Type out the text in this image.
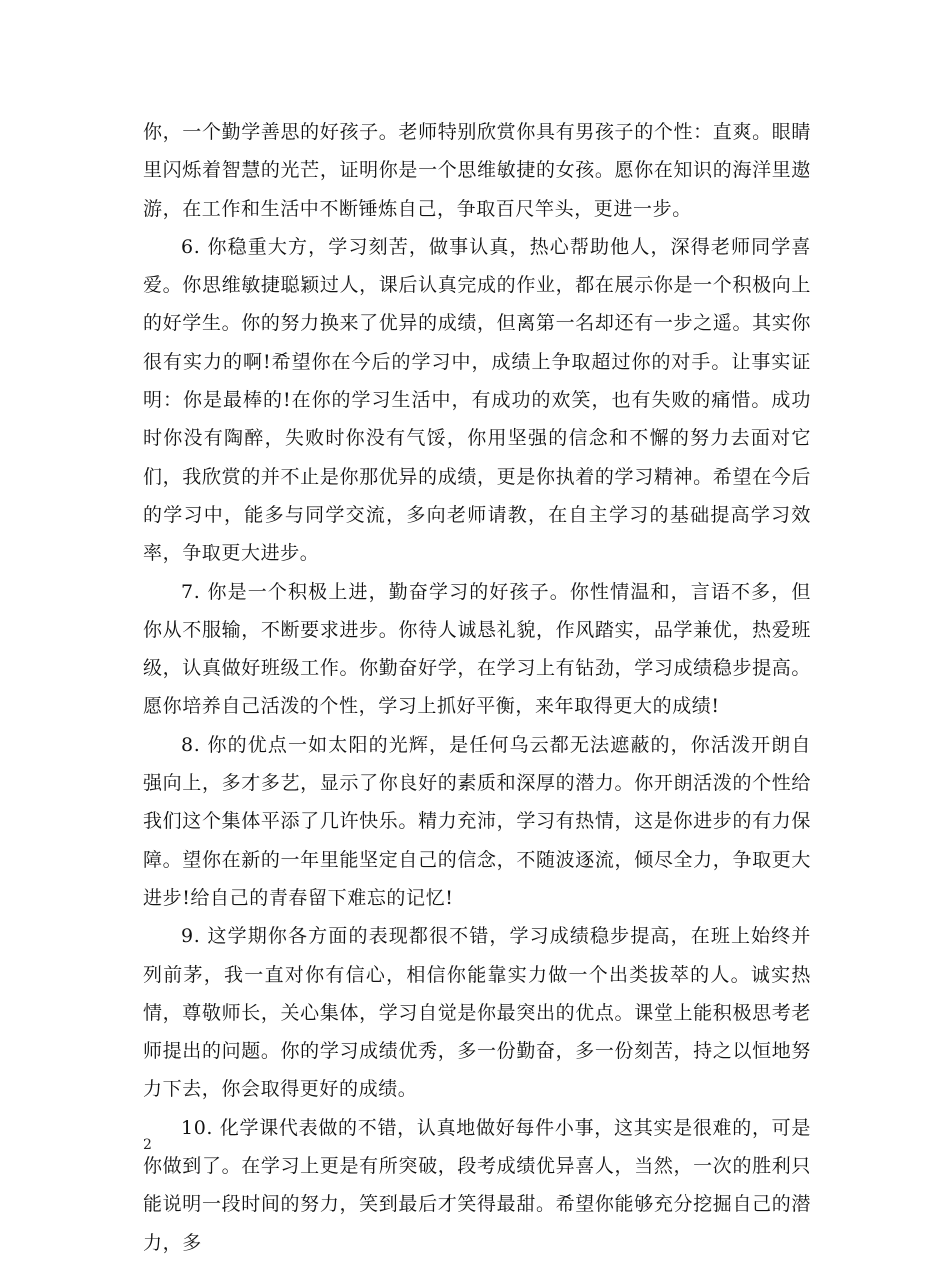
你，一个勤学善思的好孩子。老师特别欣赏你具有男孩子的个性：直爽。眼睛里闪烁着智慧的光芒，证明你是一个思维敏捷的女孩。愿你在知识的海洋里遨游，在工作和生活中不断锤炼自己，争取百尺竿头，更进一步。

6. 你稳重大方，学习刻苦，做事认真，热心帮助他人，深得老师同学喜爱。你思维敏捷聪颖过人，课后认真完成的作业，都在展示你是一个积极向上的好学生。你的努力换来了优异的成绩，但离第一名却还有一步之遥。其实你很有实力的啊!希望你在今后的学习中，成绩上争取超过你的对手。让事实证明：你是最棒的!在你的学习生活中，有成功的欢笑，也有失败的痛惜。成功时你没有陶醉，失败时你没有气馁，你用坚强的信念和不懈的努力去面对它们，我欣赏的并不止是你那优异的成绩，更是你执着的学习精神。希望在今后的学习中，能多与同学交流，多向老师请教，在自主学习的基础提高学习效率，争取更大进步。

7. 你是一个积极上进，勤奋学习的好孩子。你性情温和，言语不多，但你从不服输，不断要求进步。你待人诚恳礼貌，作风踏实，品学兼优，热爱班级，认真做好班级工作。你勤奋好学，在学习上有钻劲，学习成绩稳步提高。愿你培养自己活泼的个性，学习上抓好平衡，来年取得更大的成绩!

8. 你的优点一如太阳的光辉，是任何乌云都无法遮蔽的，你活泼开朗自强向上，多才多艺，显示了你良好的素质和深厚的潜力。你开朗活泼的个性给我们这个集体平添了几许快乐。精力充沛，学习有热情，这是你进步的有力保障。望你在新的一年里能坚定自己的信念，不随波逐流，倾尽全力，争取更大进步!给自己的青春留下难忘的记忆!

9. 这学期你各方面的表现都很不错，学习成绩稳步提高，在班上始终并列前茅，我一直对你有信心，相信你能靠实力做一个出类拔萃的人。诚实热情，尊敬师长，关心集体，学习自觉是你最突出的优点。课堂上能积极思考老师提出的问题。你的学习成绩优秀，多一份勤奋，多一份刻苦，持之以恒地努力下去，你会取得更好的成绩。

10. 化学课代表做的不错，认真地做好每件小事，这其实是很难的，可是你做到了。在学习上更是有所突破，段考成绩优异喜人，当然，一次的胜利只能说明一段时间的努力，笑到最后才笑得最甜。希望你能够充分挖掘自己的潜力，多

2
